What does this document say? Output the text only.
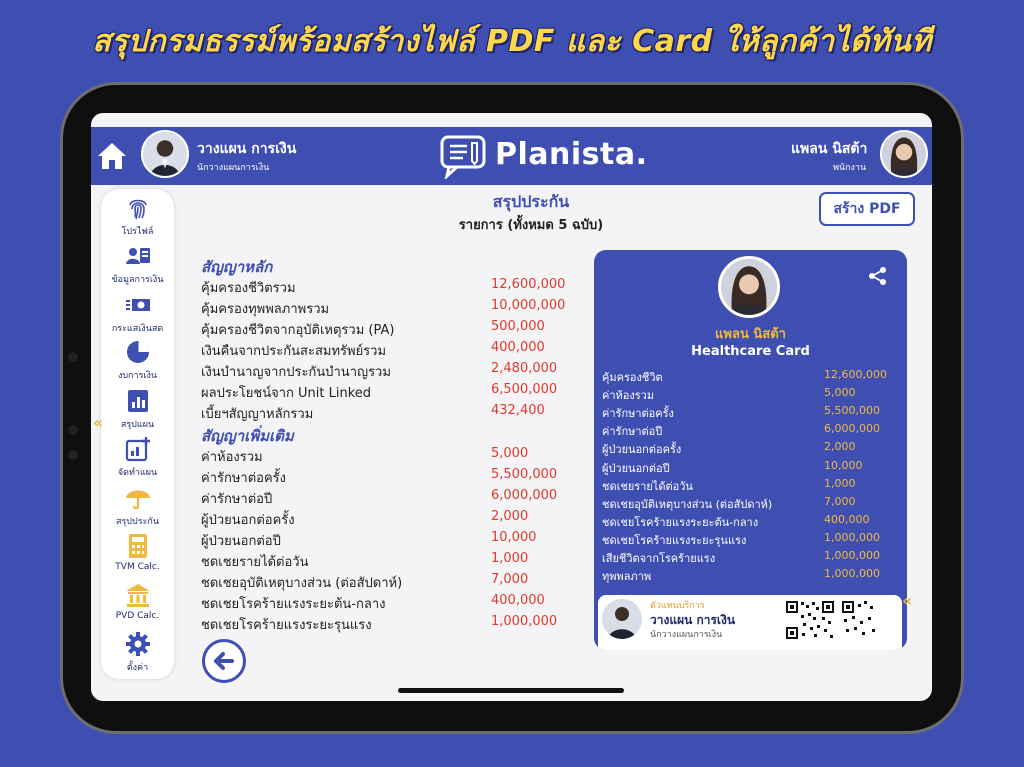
สรุปกรมธรรม์พร้อมสร้างไฟล์ PDF และ Card ให้ลูกค้าได้ทันที
วางแผน การเงิน
นักวางแผนการเงิน	Planista.	แพลน นิสต้า
พนักงาน
โปรไฟล์
ข้อมูลการเงิน
กระแสเงินสด
งบการเงิน
สรุปแผน
จัดทำแผน
สรุปประกัน
TVM Calc.
PVD Calc.
ตั้งค่า
«
สรุปประกัน
รายการ (ทั้งหมด 5 ฉบับ)
สร้าง PDF
สัญญาหลัก
คุ้มครองชีวิตรวม	12,600,000
คุ้มครองทุพพลภาพรวม	10,000,000
คุ้มครองชีวิตจากอุบัติเหตุรวม (PA)	500,000
เงินคืนจากประกันสะสมทรัพย์รวม	400,000
เงินบำนาญจากประกันบำนาญรวม	2,480,000
ผลประโยชน์จาก Unit Linked	6,500,000
เบี้ยฯสัญญาหลักรวม	432,400
สัญญาเพิ่มเติม
ค่าห้องรวม	5,000
ค่ารักษาต่อครั้ง	5,500,000
ค่ารักษาต่อปี	6,000,000
ผู้ป่วยนอกต่อครั้ง	2,000
ผู้ป่วยนอกต่อปี	10,000
ชดเชยรายได้ต่อวัน	1,000
ชดเชยอุบัติเหตุบางส่วน (ต่อสัปดาห์)	7,000
ชดเชยโรคร้ายแรงระยะต้น-กลาง	400,000
ชดเชยโรคร้ายแรงระยะรุนแรง	1,000,000
แพลน นิสต้า
Healthcare Card
คุ้มครองชีวิต	12,600,000
ค่าห้องรวม	5,000
ค่ารักษาต่อครั้ง	5,500,000
ค่ารักษาต่อปี	6,000,000
ผู้ป่วยนอกต่อครั้ง	2,000
ผู้ป่วยนอกต่อปี	10,000
ชดเชยรายได้ต่อวัน	1,000
ชดเชยอุบัติเหตุบางส่วน (ต่อสัปดาห์)	7,000
ชดเชยโรคร้ายแรงระยะต้น-กลาง	400,000
ชดเชยโรคร้ายแรงระยะรุนแรง	1,000,000
เสียชีวิตจากโรคร้ายแรง	1,000,000
ทุพพลภาพ	1,000,000
ตัวแทนบริการ
วางแผน การเงิน
นักวางแผนการเงิน
«
